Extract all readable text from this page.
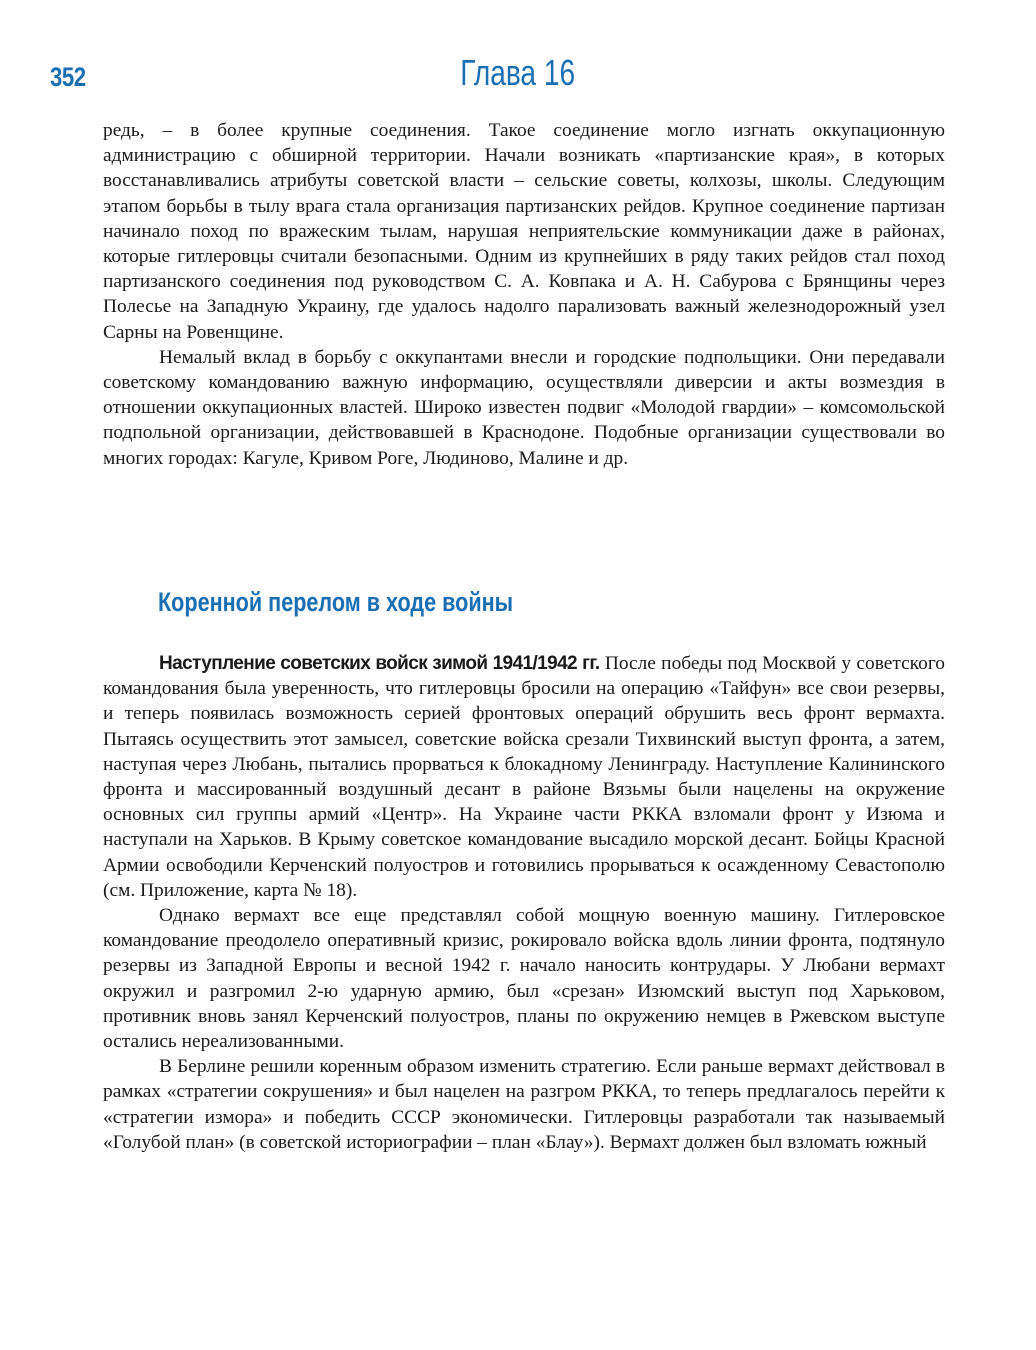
352	Глава 16

редь, – в более крупные соединения. Такое соединение могло изгнать оккупационную администрацию с обширной территории. Начали возникать «партизанские края», в которых восстанавливались атрибуты советской власти – сельские советы, колхозы, школы. Следующим этапом борьбы в тылу врага стала организация партизанских рейдов. Крупное соединение партизан начинало поход по вражеским тылам, нарушая неприятельские коммуникации даже в районах, которые гитлеровцы считали безопасными. Одним из крупнейших в ряду таких рейдов стал поход партизанского соединения под руководством С. А. Ковпака и А. Н. Сабурова с Брянщины через Полесье на Западную Украину, где удалось надолго парализовать важный железнодорожный узел Сарны на Ровенщине.

Немалый вклад в борьбу с оккупантами внесли и городские подпольщики. Они передавали советскому командованию важную информацию, осуществляли диверсии и акты возмездия в отношении оккупационных властей. Широко известен подвиг «Молодой гвардии» – комсомольской подпольной организации, действовавшей в Краснодоне. Подобные организации существовали во многих городах: Кагуле, Кривом Роге, Людиново, Малине и др.

Коренной перелом в ходе войны

Наступление советских войск зимой 1941/1942 гг. После победы под Москвой у советского командования была уверенность, что гитлеровцы бросили на операцию «Тайфун» все свои резервы, и теперь появилась возможность серией фронтовых операций обрушить весь фронт вермахта. Пытаясь осуществить этот замысел, советские войска срезали Тихвинский выступ фронта, а затем, наступая через Любань, пытались прорваться к блокадному Ленинграду. Наступление Калининского фронта и массированный воздушный десант в районе Вязьмы были нацелены на окружение основных сил группы армий «Центр». На Украине части РККА взломали фронт у Изюма и наступали на Харьков. В Крыму советское командование высадило морской десант. Бойцы Красной Армии освободили Керченский полуостров и готовились прорываться к осажденному Севастополю (см. Приложение, карта № 18).

Однако вермахт все еще представлял собой мощную военную машину. Гитлеровское командование преодолело оперативный кризис, рокировало войска вдоль линии фронта, подтянуло резервы из Западной Европы и весной 1942 г. начало наносить контрудары. У Любани вермахт окружил и разгромил 2-ю ударную армию, был «срезан» Изюмский выступ под Харьковом, противник вновь занял Керченский полуостров, планы по окружению немцев в Ржевском выступе остались нереализованными.

В Берлине решили коренным образом изменить стратегию. Если раньше вермахт действовал в рамках «стратегии сокрушения» и был нацелен на разгром РККА, то теперь предлагалось перейти к «стратегии измора» и победить СССР экономически. Гитлеровцы разработали так называемый «Голубой план» (в советской историографии – план «Блау»). Вермахт должен был взломать южный
